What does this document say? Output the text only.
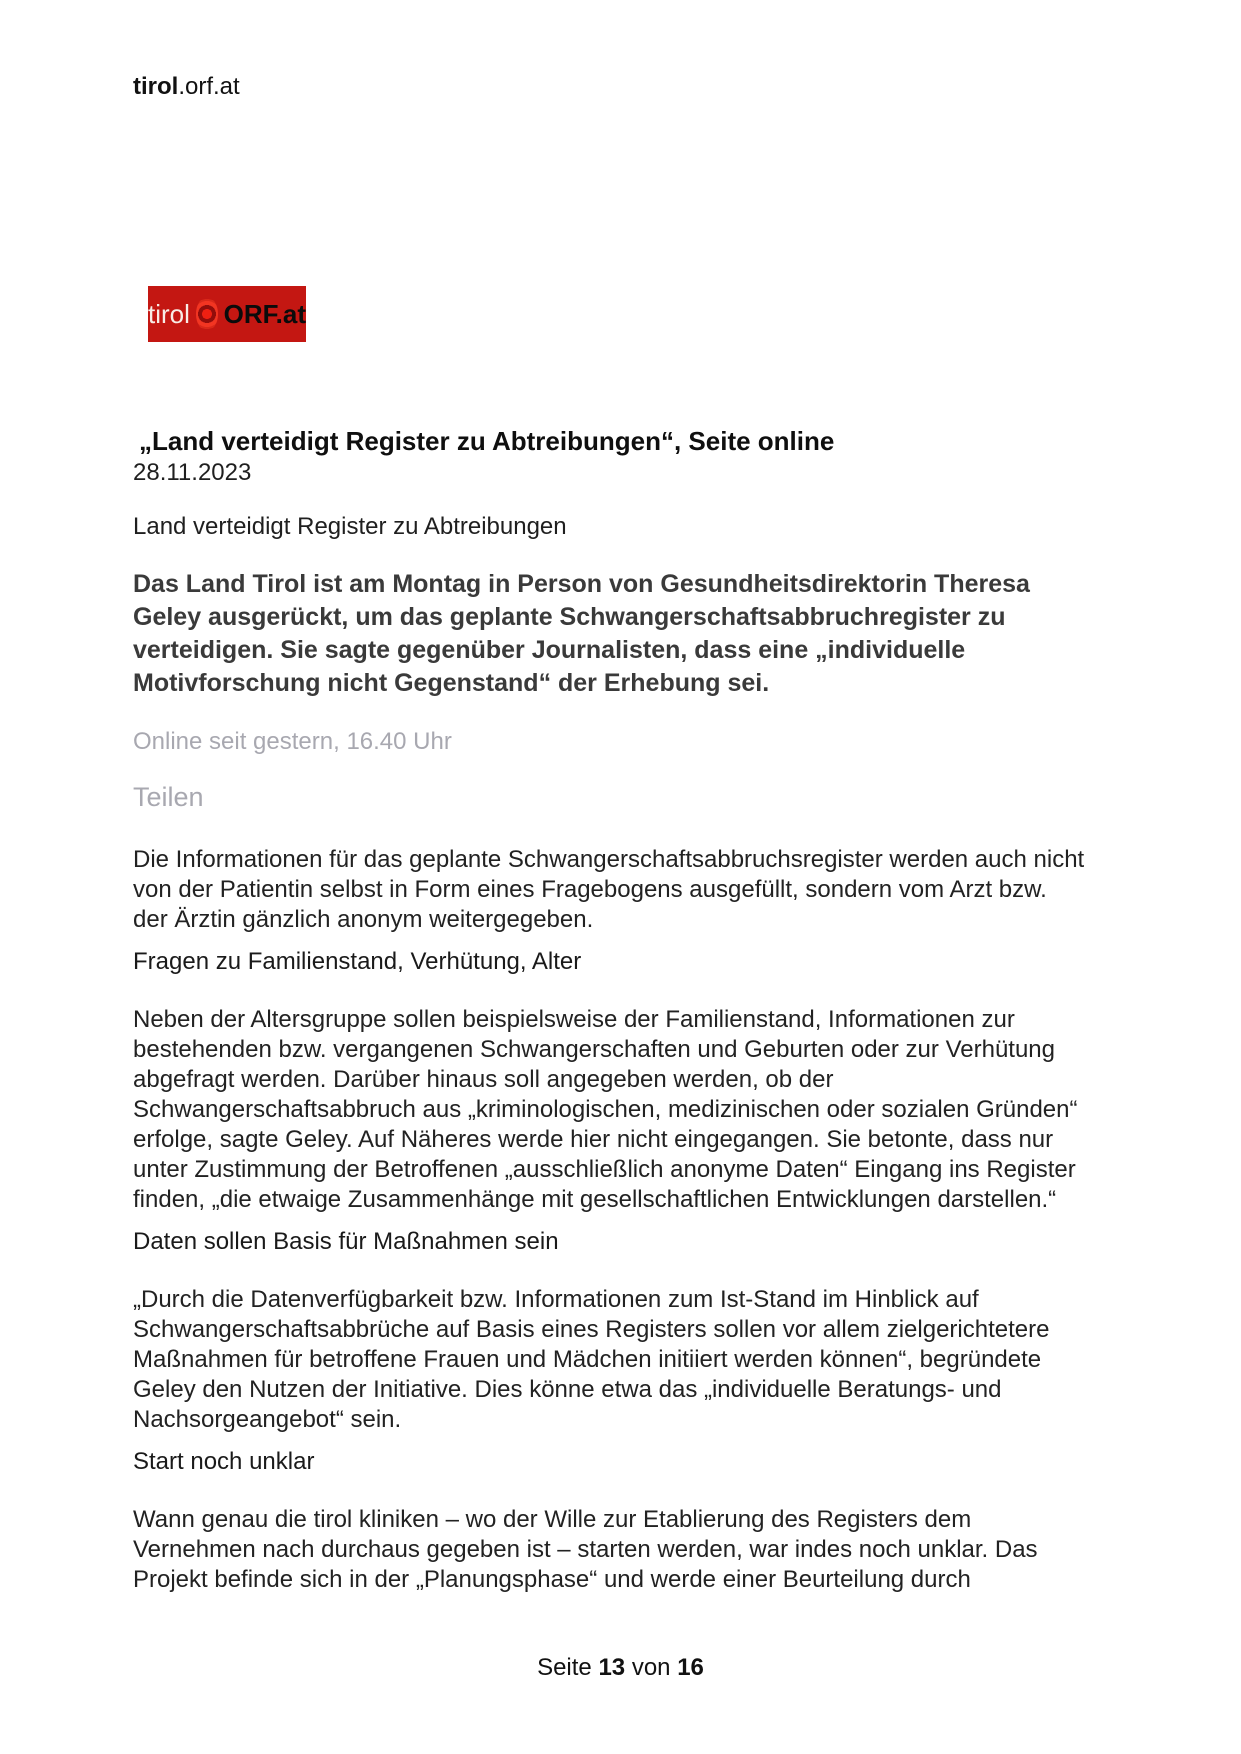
tirol.orf.at
tirol ORF.at
„Land verteidigt Register zu Abtreibungen“, Seite online
28.11.2023
Land verteidigt Register zu Abtreibungen
Das Land Tirol ist am Montag in Person von Gesundheitsdirektorin Theresa Geley ausgerückt, um das geplante Schwangerschaftsabbruchregister zu verteidigen. Sie sagte gegenüber Journalisten, dass eine „individuelle Motivforschung nicht Gegenstand“ der Erhebung sei.
Online seit gestern, 16.40 Uhr
Teilen
Die Informationen für das geplante Schwangerschaftsabbruchsregister werden auch nicht von der Patientin selbst in Form eines Fragebogens ausgefüllt, sondern vom Arzt bzw. der Ärztin gänzlich anonym weitergegeben.
Fragen zu Familienstand, Verhütung, Alter
Neben der Altersgruppe sollen beispielsweise der Familienstand, Informationen zur bestehenden bzw. vergangenen Schwangerschaften und Geburten oder zur Verhütung abgefragt werden. Darüber hinaus soll angegeben werden, ob der Schwangerschaftsabbruch aus „kriminologischen, medizinischen oder sozialen Gründen“ erfolge, sagte Geley. Auf Näheres werde hier nicht eingegangen. Sie betonte, dass nur unter Zustimmung der Betroffenen „ausschließlich anonyme Daten“ Eingang ins Register finden, „die etwaige Zusammenhänge mit gesellschaftlichen Entwicklungen darstellen.“
Daten sollen Basis für Maßnahmen sein
„Durch die Datenverfügbarkeit bzw. Informationen zum Ist-Stand im Hinblick auf Schwangerschaftsabbrüche auf Basis eines Registers sollen vor allem zielgerichtetere Maßnahmen für betroffene Frauen und Mädchen initiiert werden können“, begründete Geley den Nutzen der Initiative. Dies könne etwa das „individuelle Beratungs- und Nachsorgeangebot“ sein.
Start noch unklar
Wann genau die tirol kliniken – wo der Wille zur Etablierung des Registers dem Vernehmen nach durchaus gegeben ist – starten werden, war indes noch unklar. Das Projekt befinde sich in der „Planungsphase“ und werde einer Beurteilung durch
Seite 13 von 16
